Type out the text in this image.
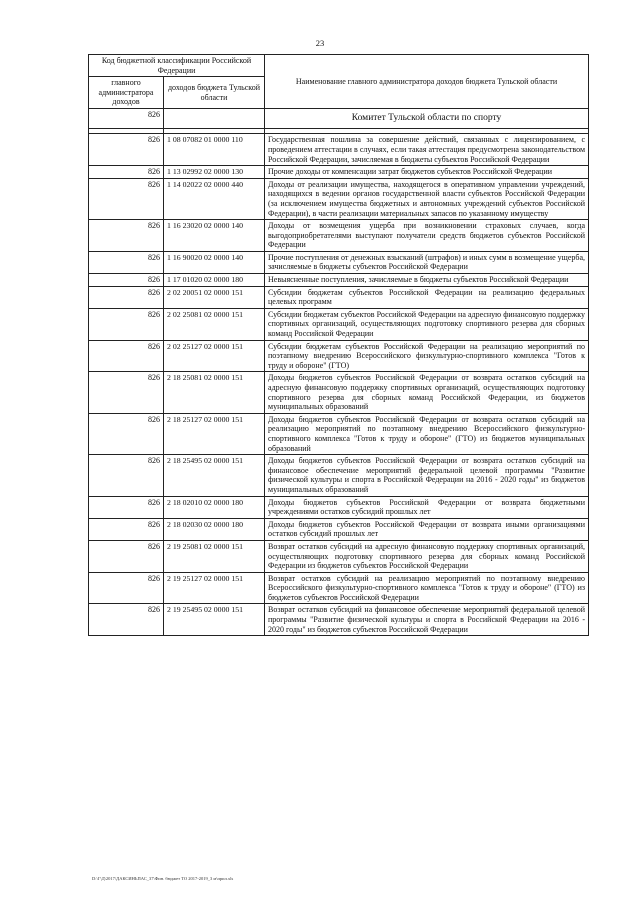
23
Код бюджетной классификации Российской Федерации		Наименование главного администратора доходов бюджета Тульской области
главного администратора доходов	доходов бюджета Тульской области	
826		Комитет Тульской области по спорту

826	1 08 07082 01 0000 110	Государственная пошлина за совершение действий, связанных с лицензированием, с проведением аттестации в случаях, если такая аттестация предусмотрена законодательством Российской Федерации, зачисляемая в бюджеты субъектов Российской Федерации
826	1 13 02992 02 0000 130	Прочие доходы от компенсации затрат бюджетов субъектов Российской Федерации
826	1 14 02022 02 0000 440	Доходы от реализации имущества, находящегося в оперативном управлении учреждений, находящихся в ведении органов государственной власти субъектов Российской Федерации (за исключением имущества бюджетных и автономных учреждений субъектов Российской Федерации), в части реализации материальных запасов по указанному имуществу
826	1 16 23020 02 0000 140	Доходы от возмещения ущерба при возникновении страховых случаев, когда выгодоприобретателями выступают получатели средств бюджетов субъектов Российской Федерации
826	1 16 90020 02 0000 140	Прочие поступления от денежных взысканий (штрафов) и иных сумм в возмещение ущерба, зачисляемые в бюджеты субъектов Российской Федерации
826	1 17 01020 02 0000 180	Невыясненные поступления, зачисляемые в бюджеты субъектов Российской Федерации
826	2 02 20051 02 0000 151	Субсидии бюджетам субъектов Российской Федерации на реализацию федеральных целевых программ
826	2 02 25081 02 0000 151	Субсидии бюджетам субъектов Российской Федерации на адресную финансовую поддержку спортивных организаций, осуществляющих подготовку спортивного резерва для сборных команд Российской Федерации
826	2 02 25127 02 0000 151	Субсидии бюджетам субъектов Российской Федерации на реализацию мероприятий по поэтапному внедрению Всероссийского физкультурно-спортивного комплекса "Готов к труду и обороне" (ГТО)
826	2 18 25081 02 0000 151	Доходы бюджетов субъектов Российской Федерации от возврата остатков субсидий на адресную финансовую поддержку спортивных организаций, осуществляющих подготовку спортивного резерва для сборных команд Российской Федерации, из бюджетов муниципальных образований
826	2 18 25127 02 0000 151	Доходы бюджетов субъектов Российской Федерации от возврата остатков субсидий на реализацию мероприятий по поэтапному внедрению Всероссийского физкультурно-спортивного комплекса "Готов к труду и обороне" (ГТО) из бюджетов муниципальных образований
826	2 18 25495 02 0000 151	Доходы бюджетов субъектов Российской Федерации от возврата остатков субсидий на финансовое обеспечение мероприятий федеральной целевой программы "Развитие физической культуры и спорта в Российской Федерации на 2016 - 2020 годы" из бюджетов муниципальных образований
826	2 18 02010 02 0000 180	Доходы бюджетов субъектов Российской Федерации от возврата бюджетными учреждениями остатков субсидий прошлых лет
826	2 18 02030 02 0000 180	Доходы бюджетов субъектов Российской Федерации от возврата иными организациями остатков субсидий прошлых лет
826	2 19 25081 02 0000 151	Возврат остатков субсидий на адресную финансовую поддержку спортивных организаций, осуществляющих подготовку спортивного резерва для сборных команд Российской Федерации из бюджетов субъектов Российской Федерации
826	2 19 25127 02 0000 151	Возврат остатков субсидий на реализацию мероприятий по поэтапному внедрению Всероссийского физкультурно-спортивного комплекса "Готов к труду и обороне" (ГТО) из бюджетов субъектов Российской Федерации
826	2 19 25495 02 0000 151	Возврат остатков субсидий на финансовое обеспечение мероприятий федеральной целевой программы "Развитие физической культуры и спорта в Российской Федерации на 2016 - 2020 годы" из бюджетов субъектов Российской Федерации
D:\Г\Д\2017\ДАКСИНЬПАС_37\Фин. бюджет ТО 2017-2019_3 м\прил.xls
